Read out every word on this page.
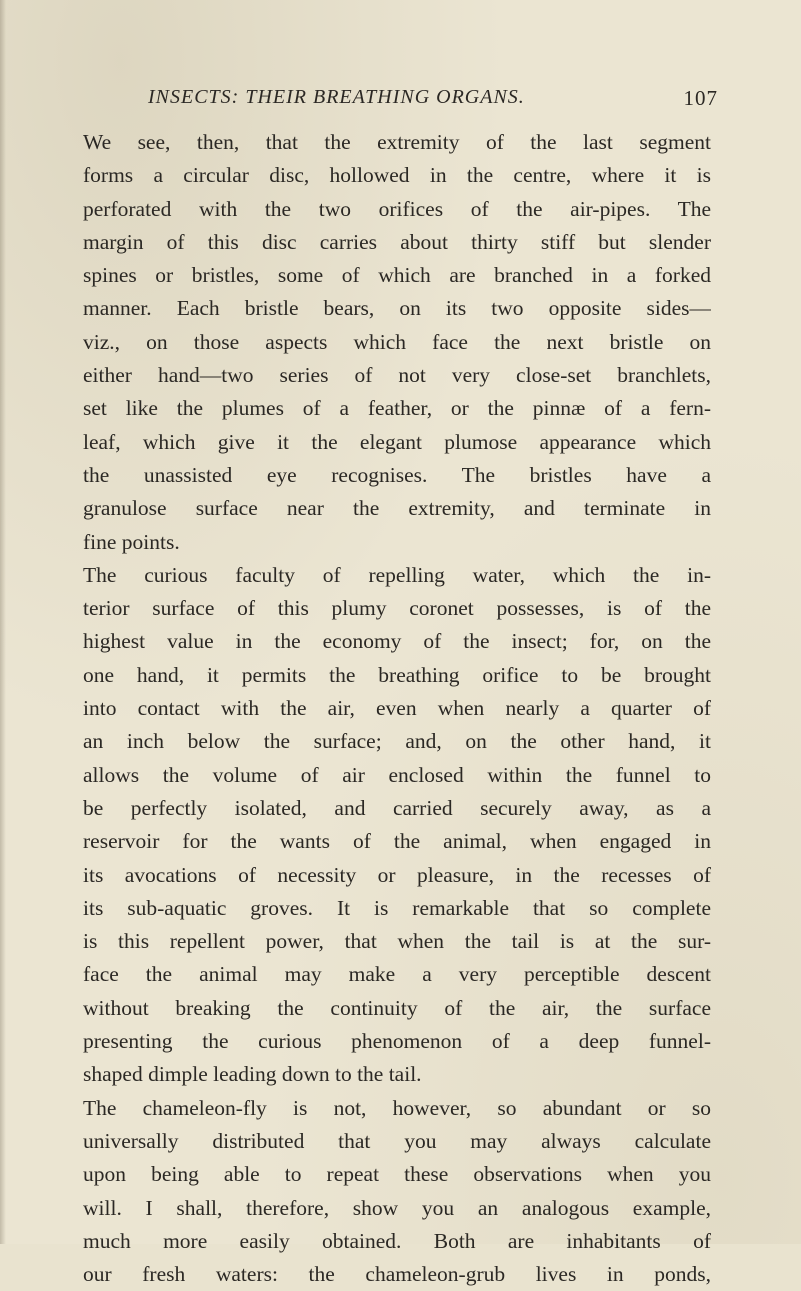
INSECTS: THEIR BREATHING ORGANS.	107
We see, then, that the extremity of the last segment
forms a circular disc, hollowed in the centre, where it is
perforated with the two orifices of the air-pipes. The
margin of this disc carries about thirty stiff but slender
spines or bristles, some of which are branched in a forked
manner. Each bristle bears, on its two opposite sides—
viz., on those aspects which face the next bristle on
either hand—two series of not very close-set branchlets,
set like the plumes of a feather, or the pinnæ of a fern-
leaf, which give it the elegant plumose appearance which
the unassisted eye recognises. The bristles have a
granulose surface near the extremity, and terminate in
fine points.
The curious faculty of repelling water, which the in-
terior surface of this plumy coronet possesses, is of the
highest value in the economy of the insect; for, on the
one hand, it permits the breathing orifice to be brought
into contact with the air, even when nearly a quarter of
an inch below the surface; and, on the other hand, it
allows the volume of air enclosed within the funnel to
be perfectly isolated, and carried securely away, as a
reservoir for the wants of the animal, when engaged in
its avocations of necessity or pleasure, in the recesses of
its sub-aquatic groves. It is remarkable that so complete
is this repellent power, that when the tail is at the sur-
face the animal may make a very perceptible descent
without breaking the continuity of the air, the surface
presenting the curious phenomenon of a deep funnel-
shaped dimple leading down to the tail.
The chameleon-fly is not, however, so abundant or so
universally distributed that you may always calculate
upon being able to repeat these observations when you
will. I shall, therefore, show you an analogous example,
much more easily obtained. Both are inhabitants of
our fresh waters: the chameleon-grub lives in ponds,
